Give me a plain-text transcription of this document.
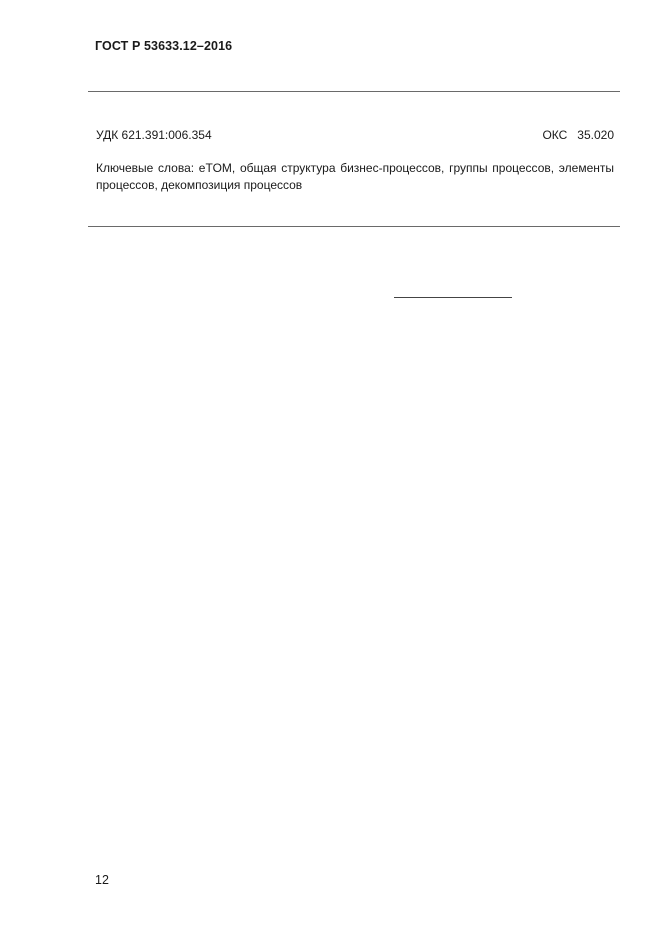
ГОСТ Р 53633.12–2016
УДК 621.391:006.354	ОКС   35.020
Ключевые слова: eTOM, общая структура бизнес-процессов, группы процессов, элементы процессов, декомпозиция процессов
12
